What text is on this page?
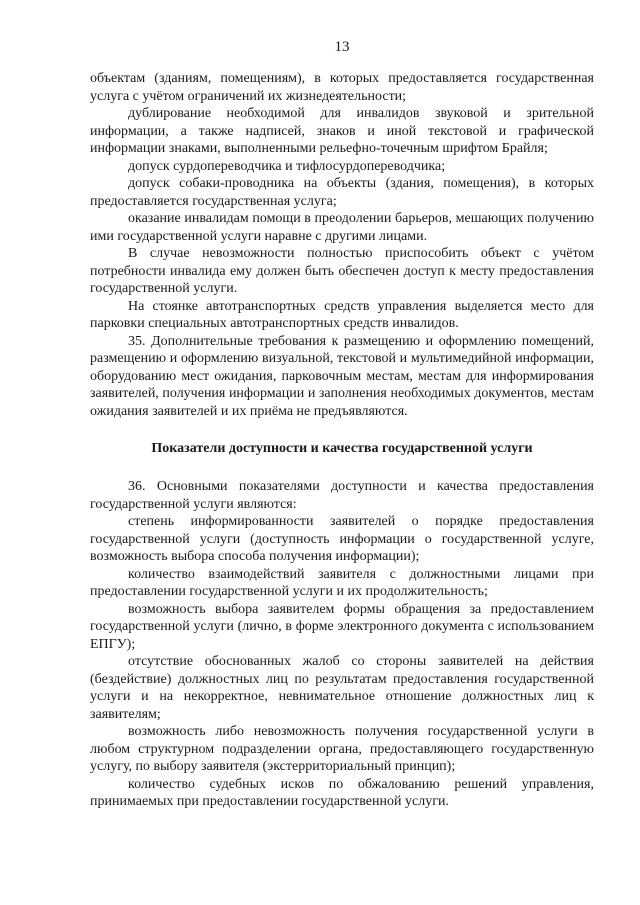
13

объектам (зданиям, помещениям), в которых предоставляется государственная услуга с учётом ограничений их жизнедеятельности;

дублирование необходимой для инвалидов звуковой и зрительной информации, а также надписей, знаков и иной текстовой и графической информации знаками, выполненными рельефно-точечным шрифтом Брайля;

допуск сурдопереводчика и тифлосурдопереводчика;

допуск собаки-проводника на объекты (здания, помещения), в которых предоставляется государственная услуга;

оказание инвалидам помощи в преодолении барьеров, мешающих получению ими государственной услуги наравне с другими лицами.

В случае невозможности полностью приспособить объект с учётом потребности инвалида ему должен быть обеспечен доступ к месту предоставления государственной услуги.

На стоянке автотранспортных средств управления выделяется место для парковки специальных автотранспортных средств инвалидов.

35. Дополнительные требования к размещению и оформлению помещений, размещению и оформлению визуальной, текстовой и мультимедийной информации, оборудованию мест ожидания, парковочным местам, местам для информирования заявителей, получения информации и заполнения необходимых документов, местам ожидания заявителей и их приёма не предъявляются.

Показатели доступности и качества государственной услуги

36. Основными показателями доступности и качества предоставления государственной услуги являются:

степень информированности заявителей о порядке предоставления государственной услуги (доступность информации о государственной услуге, возможность выбора способа получения информации);

количество взаимодействий заявителя с должностными лицами при предоставлении государственной услуги и их продолжительность;

возможность выбора заявителем формы обращения за предоставлением государственной услуги (лично, в форме электронного документа с использованием ЕПГУ);

отсутствие обоснованных жалоб со стороны заявителей на действия (бездействие) должностных лиц по результатам предоставления государственной услуги и на некорректное, невнимательное отношение должностных лиц к заявителям;

возможность либо невозможность получения государственной услуги в любом структурном подразделении органа, предоставляющего государственную услугу, по выбору заявителя (экстерриториальный принцип);

количество судебных исков по обжалованию решений управления, принимаемых при предоставлении государственной услуги.
